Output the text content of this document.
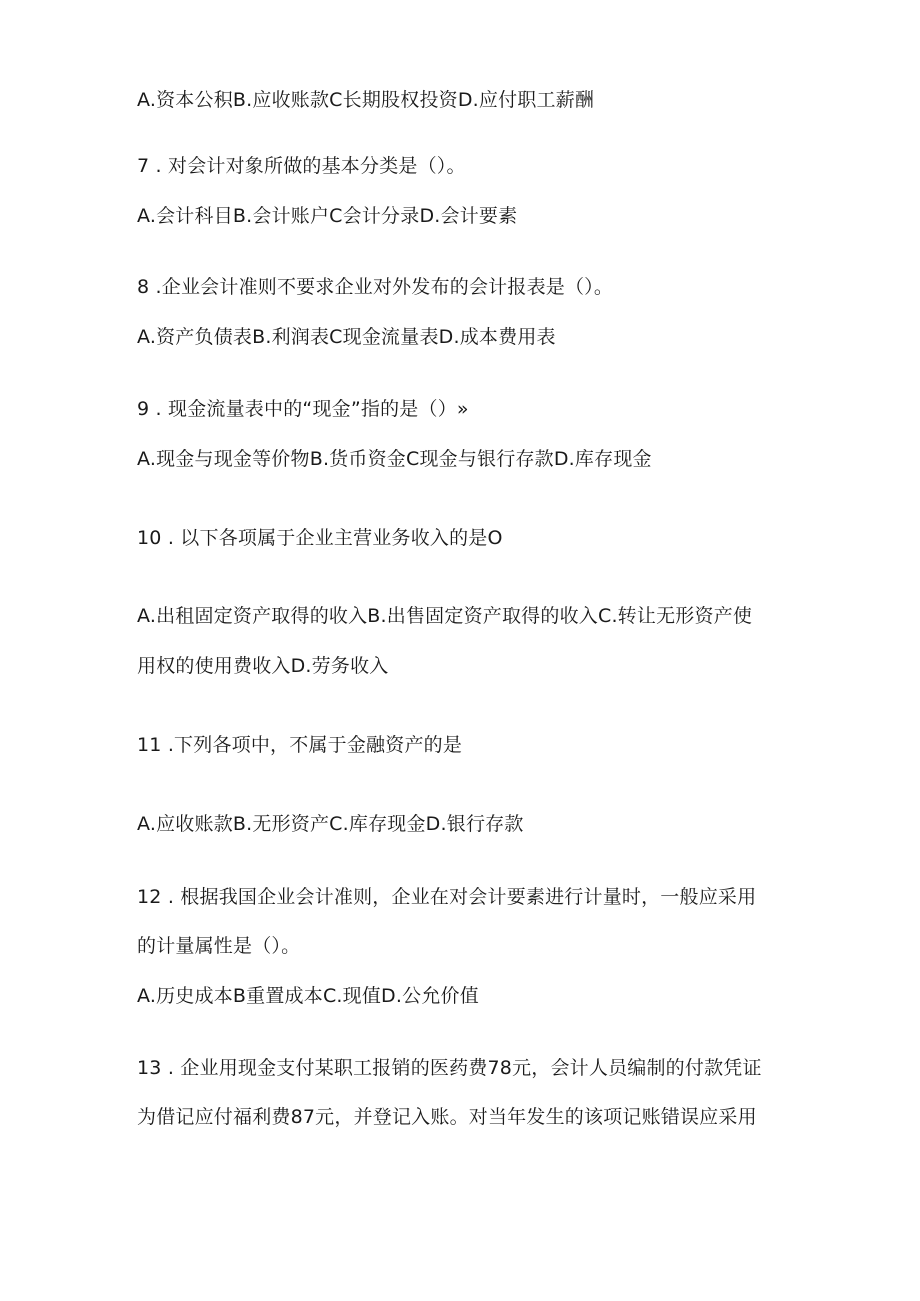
A.资本公积B.应收账款C长期股权投资D.应付职工薪酬
7 . 对会计对象所做的基本分类是（）。
A.会计科目B.会计账户C会计分录D.会计要素
8 .企业会计准则不要求企业对外发布的会计报表是（）。
A.资产负债表B.利润表C现金流量表D.成本费用表
9 . 现金流量表中的“现金”指的是（）»
A.现金与现金等价物B.货币资金C现金与银行存款D.库存现金
10 . 以下各项属于企业主营业务收入的是O
A.出租固定资产取得的收入B.出售固定资产取得的收入C.转让无形资产使
用权的使用费收入D.劳务收入
11 .下列各项中，不属于金融资产的是
A.应收账款B.无形资产C.库存现金D.银行存款
12 . 根据我国企业会计准则，企业在对会计要素进行计量时，一般应采用
的计量属性是（）。
A.历史成本B重置成本C.现值D.公允价值
13 . 企业用现金支付某职工报销的医药费78元，会计人员编制的付款凭证
为借记应付福利费87元，并登记入账。对当年发生的该项记账错误应采用
